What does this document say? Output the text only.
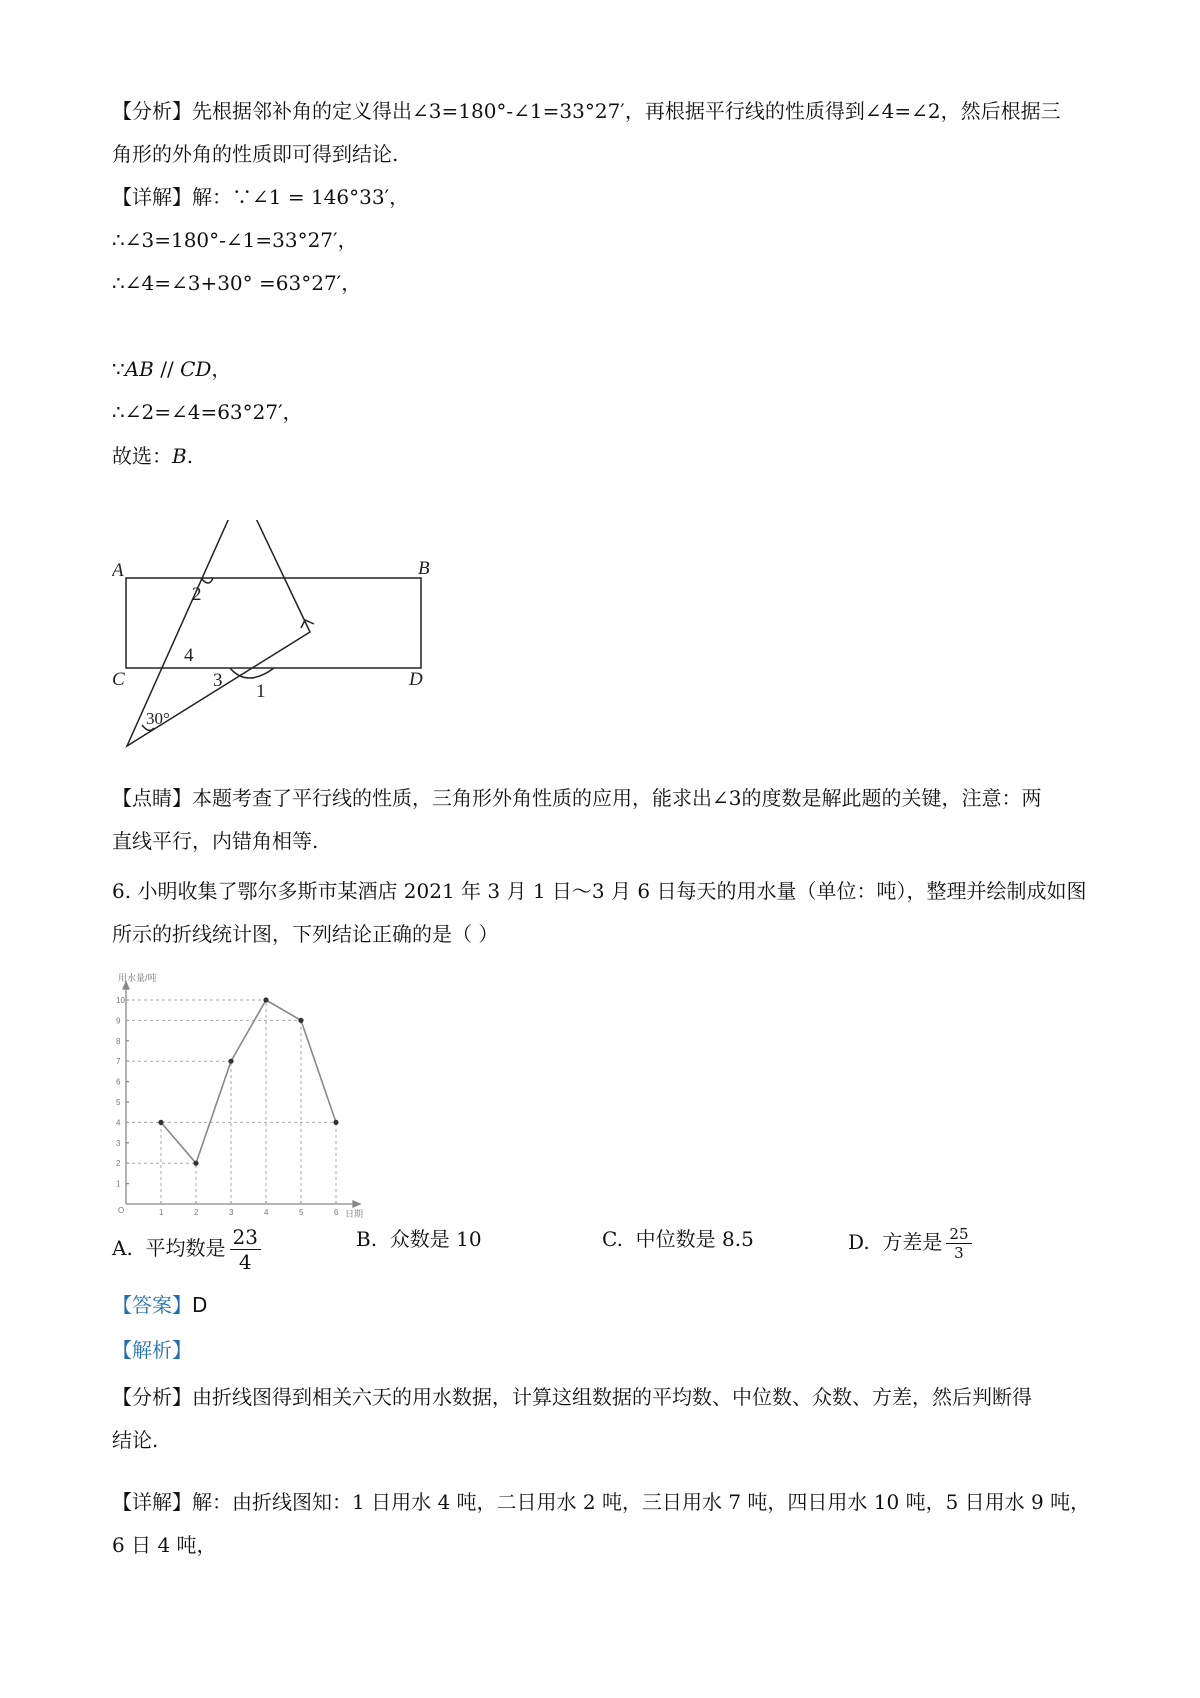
【分析】先根据邻补角的定义得出∠3=180°-∠1=33°27′，再根据平行线的性质得到∠4=∠2，然后根据三
角形的外角的性质即可得到结论.
【详解】解：∵∠1 = 146°33′，
∴∠3=180°-∠1=33°27′，
∴∠4=∠3+30° =63°27′，
∵AB // CD，
∴∠2=∠4=63°27′，
故选：B.
A	B
C	D
2
4
3
1
30°
【点睛】本题考查了平行线的性质，三角形外角性质的应用，能求出∠3的度数是解此题的关键，注意：两
直线平行，内错角相等.
6. 小明收集了鄂尔多斯市某酒店 2021 年 3 月 1 日～3 月 6 日每天的用水量（单位：吨），整理并绘制成如图
所示的折线统计图，下列结论正确的是（ ）
1
2
3
4
5
6
7
8
9
10
1	2	3	4	5	6
用水量/吨
日期
O
A. 平均数是 $\frac{23}{4}$	B. 众数是 10	C. 中位数是 8.5	D. 方差是 $\frac{25}{3}$
【答案】D
【解析】
【分析】由折线图得到相关六天的用水数据，计算这组数据的平均数、中位数、众数、方差，然后判断得
结论.
【详解】解：由折线图知：1 日用水 4 吨，二日用水 2 吨，三日用水 7 吨，四日用水 10 吨，5 日用水 9 吨，
6 日 4 吨，
